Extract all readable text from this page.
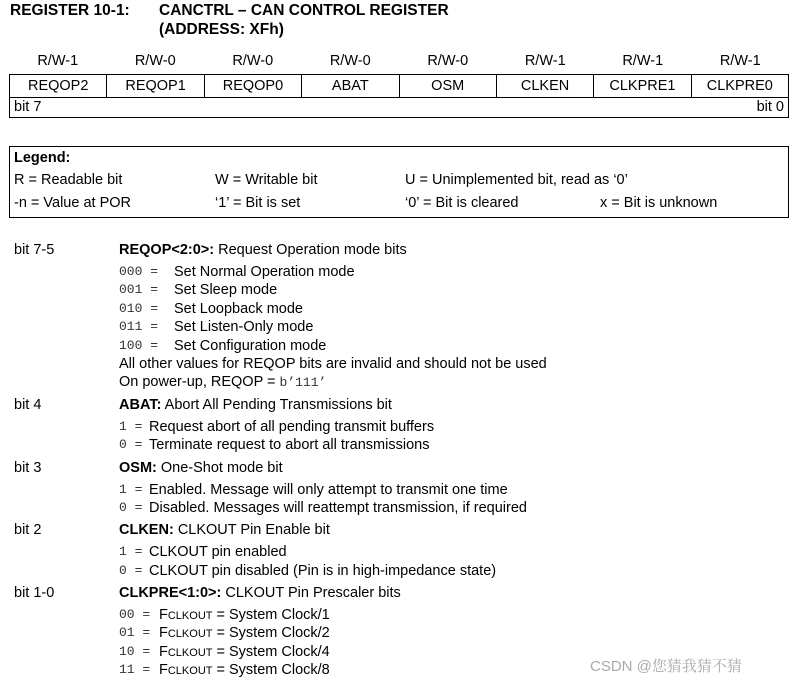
REGISTER 10-1: CANCTRL – CAN CONTROL REGISTER
(ADDRESS: XFh)
R/W-1	R/W-0	R/W-0	R/W-0	R/W-0	R/W-1	R/W-1	R/W-1
REQOP2	REQOP1	REQOP0	ABAT	OSM	CLKEN	CLKPRE1	CLKPRE0
bit 7	bit 0
Legend:
R = Readable bit	W = Writable bit	U = Unimplemented bit, read as ‘0’
-n = Value at POR	‘1’ = Bit is set	‘0’ = Bit is cleared	x = Bit is unknown
bit 7-5	REQOP<2:0>: Request Operation mode bits
000 = Set Normal Operation mode
001 = Set Sleep mode
010 = Set Loopback mode
011 = Set Listen-Only mode
100 = Set Configuration mode
All other values for REQOP bits are invalid and should not be used
On power-up, REQOP = b’111’
bit 4	ABAT: Abort All Pending Transmissions bit
1 = Request abort of all pending transmit buffers
0 = Terminate request to abort all transmissions
bit 3	OSM: One-Shot mode bit
1 = Enabled. Message will only attempt to transmit one time
0 = Disabled. Messages will reattempt transmission, if required
bit 2	CLKEN: CLKOUT Pin Enable bit
1 = CLKOUT pin enabled
0 = CLKOUT pin disabled (Pin is in high-impedance state)
bit 1-0	CLKPRE<1:0>: CLKOUT Pin Prescaler bits
00 = FCLKOUT = System Clock/1
01 = FCLKOUT = System Clock/2
10 = FCLKOUT = System Clock/4
11 = FCLKOUT = System Clock/8	CSDN @您猜我猜不猜
